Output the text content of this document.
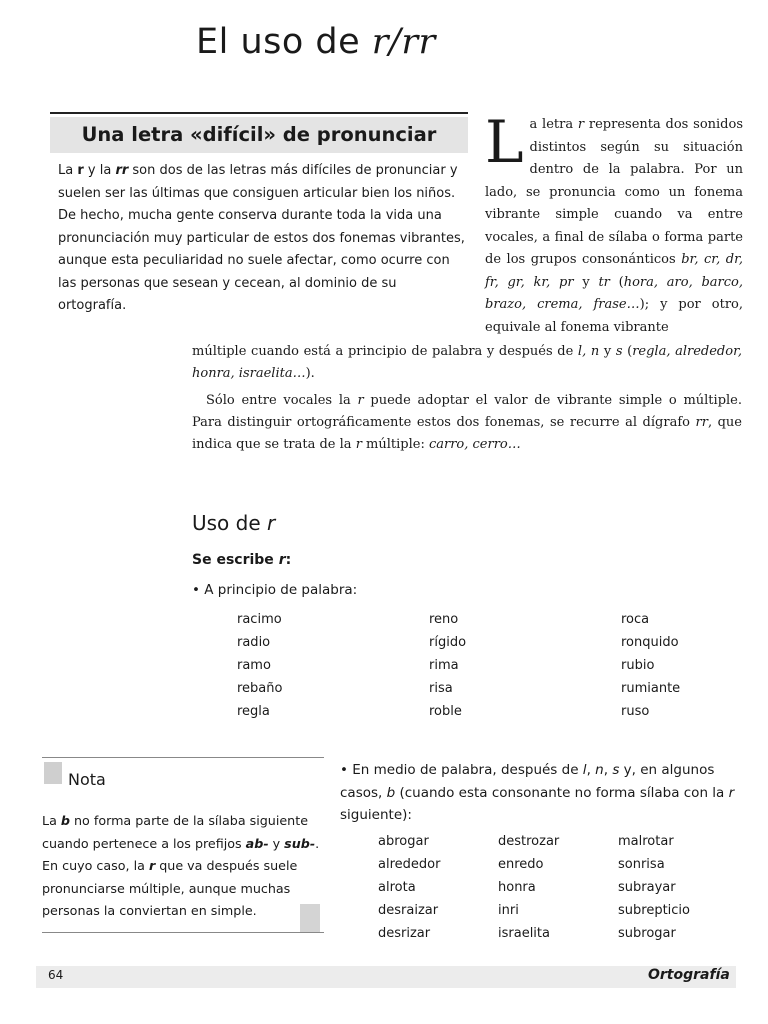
El uso de r/rr
Una letra «difícil» de pronunciar
La r y la rr son dos de las letras más difíciles de pronunciar y suelen ser las últimas que consiguen articular bien los niños. De hecho, mucha gente conserva durante toda la vida una pronunciación muy particular de estos dos fonemas vibrantes, aunque esta peculiaridad no suele afectar, como ocurre con las personas que sesean y cecean, al dominio de su ortografía.
La letra r representa dos sonidos distintos según su situación dentro de la palabra. Por un lado, se pronuncia como un fonema vibrante simple cuando va entre vocales, a final de sílaba o forma parte de los grupos consonánticos br, cr, dr, fr, gr, kr, pr y tr (hora, aro, barco, brazo, crema, frase…); y por otro, equivale al fonema vibrante
múltiple cuando está a principio de palabra y después de l, n y s (regla, alrededor, honra, israelita…).
Sólo entre vocales la r puede adoptar el valor de vibrante simple o múltiple. Para distinguir ortográficamente estos dos fonemas, se recurre al dígrafo rr, que indica que se trata de la r múltiple: carro, cerro…
Uso de r
Se escribe r:
• A principio de palabra:
racimo	reno	roca
radio	rígido	ronquido
ramo	rima	rubio
rebaño	risa	rumiante
regla	roble	ruso
Nota
La b no forma parte de la sílaba siguiente cuando pertenece a los prefijos ab- y sub-. En cuyo caso, la r que va después suele pronunciarse múltiple, aunque muchas personas la conviertan en simple.
• En medio de palabra, después de l, n, s y, en algunos casos, b (cuando esta consonante no forma sílaba con la r siguiente):
abrogar	destrozar	malrotar
alrededor	enredo	sonrisa
alrota	honra	subrayar
desraizar	inri	subrepticio
desrizar	israelita	subrogar
64	Ortografía
